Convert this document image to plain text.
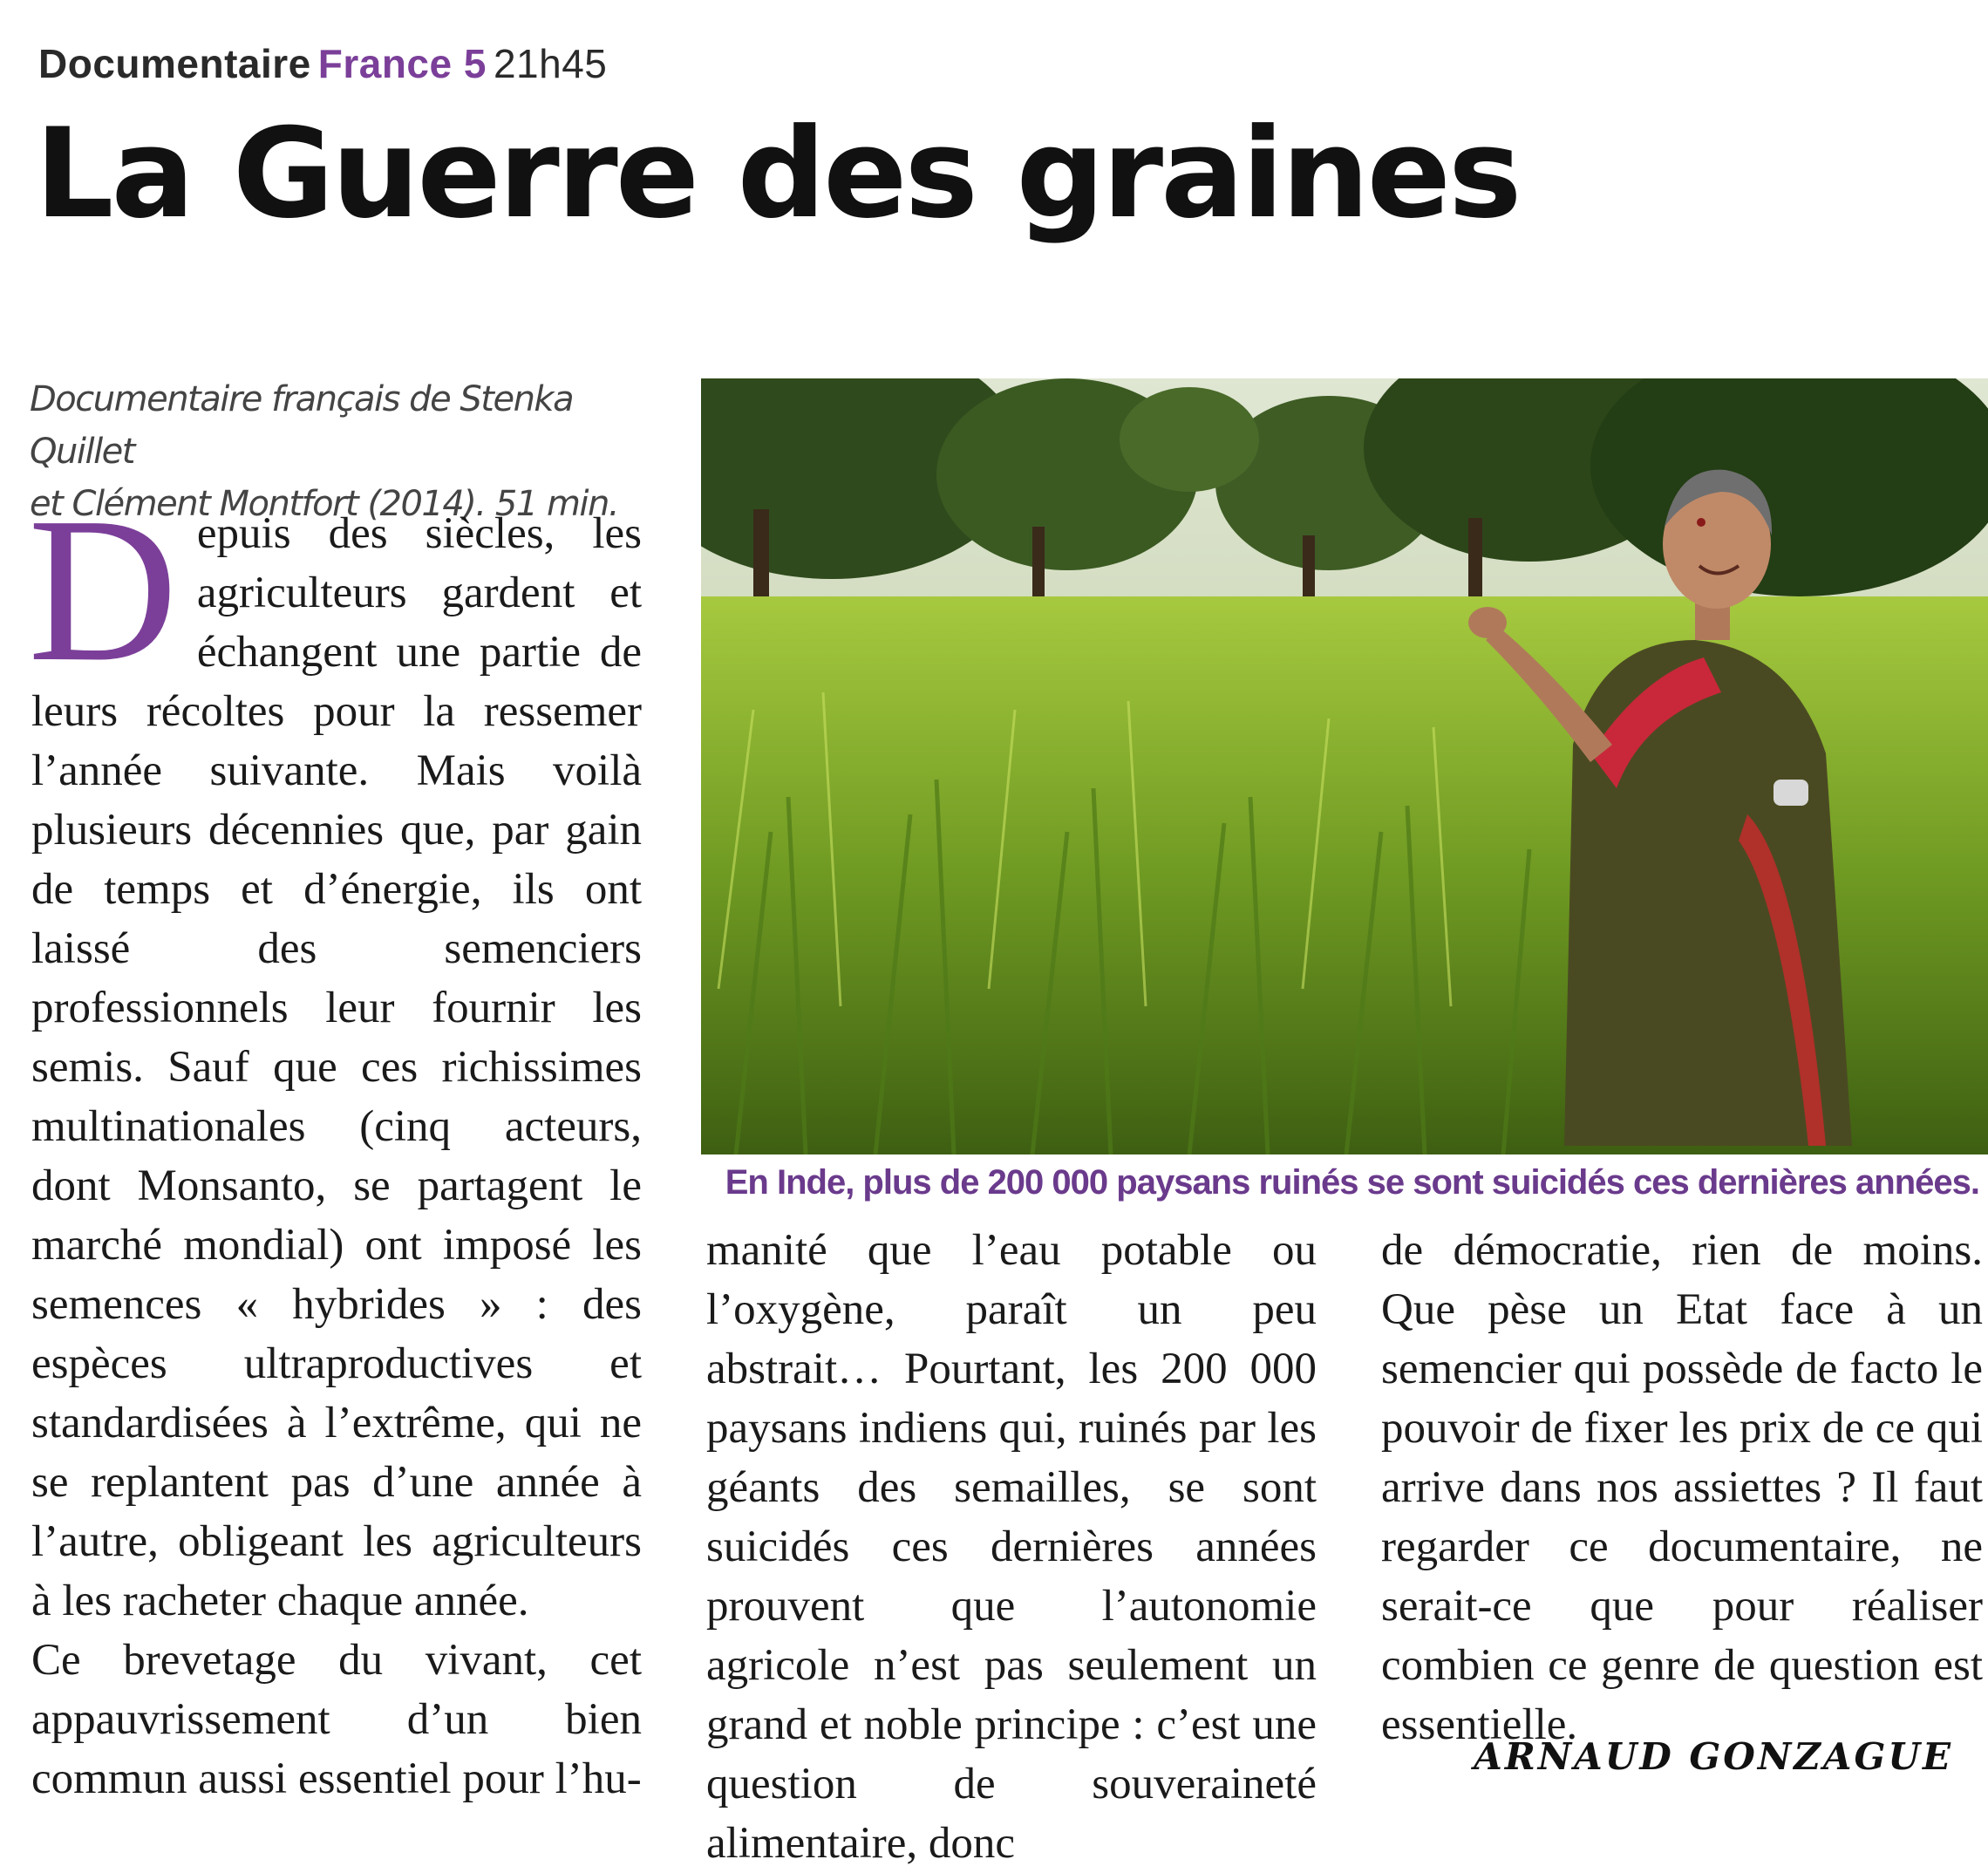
Documentaire France 5 21h45
La Guerre des graines
Documentaire français de Stenka Quillet
et Clément Montfort (2014). 51 min.
D epuis des siècles, les agriculteurs gardent et échangent une partie de leurs récoltes pour la ressemer l’année suivante. Mais voilà plusieurs décennies que, par gain de temps et d’énergie, ils ont laissé des semenciers professionnels leur fournir les semis. Sauf que ces richissimes multinationales (cinq acteurs, dont Monsanto, se partagent le marché mondial) ont imposé les semences « hybrides » : des espèces ultraproductives et standardisées à l’extrême, qui ne se replantent pas d’une année à l’autre, obligeant les agriculteurs à les racheter chaque année.

Ce brevetage du vivant, cet appauvrissement d’un bien commun aussi essentiel pour l’hu-

En Inde, plus de 200 000 paysans ruinés se sont suicidés ces dernières années.

manité que l’eau potable ou l’oxygène, paraît un peu abstrait… Pourtant, les 200 000 paysans indiens qui, ruinés par les géants des semailles, se sont suicidés ces dernières années prouvent que l’autonomie agricole n’est pas seulement un grand et noble principe : c’est une question de souveraineté alimentaire, donc

de démocratie, rien de moins. Que pèse un Etat face à un semencier qui possède de facto le pouvoir de fixer les prix de ce qui arrive dans nos assiettes ? Il faut regarder ce documentaire, ne serait-ce que pour réaliser combien ce genre de question est essentielle.

ARNAUD GONZAGUE
